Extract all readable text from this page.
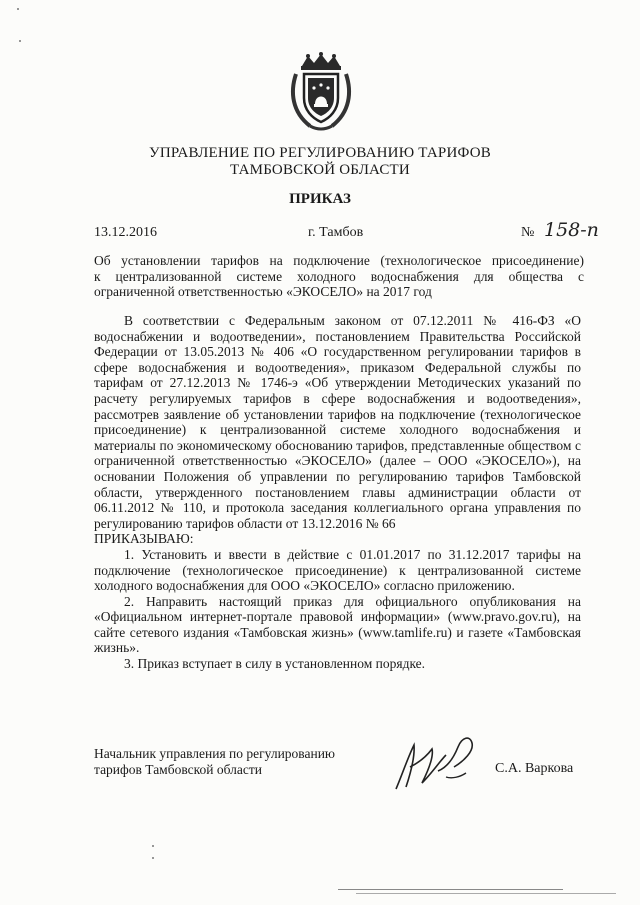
УПРАВЛЕНИЕ ПО РЕГУЛИРОВАНИЮ ТАРИФОВ
ТАМБОВСКОЙ ОБЛАСТИ
ПРИКАЗ
13.12.2016	г. Тамбов	№ 158-п
Об установлении тарифов на подключение (технологическое присоединение)
к централизованной системе холодного водоснабжения для общества с
ограниченной ответственностью «ЭКОСЕЛО» на 2017 год

В соответствии с Федеральным законом от 07.12.2011 № 416-ФЗ «О водоснабжении и водоотведении», постановлением Правительства Российской Федерации от 13.05.2013 № 406 «О государственном регулировании тарифов в сфере водоснабжения и водоотведения», приказом Федеральной службы по тарифам от 27.12.2013 № 1746-э «Об утверждении Методических указаний по расчету регулируемых тарифов в сфере водоснабжения и водоотведения», рассмотрев заявление об установлении тарифов на подключение (технологическое присоединение) к централизованной системе холодного водоснабжения и материалы по экономическому обоснованию тарифов, представленные обществом с ограниченной ответственностью «ЭКОСЕЛО» (далее – ООО «ЭКОСЕЛО»), на основании Положения об управлении по регулированию тарифов Тамбовской области, утвержденного постановлением главы администрации области от 06.11.2012 № 110, и протокола заседания коллегиального органа управления по регулированию тарифов области от 13.12.2016 № 66

ПРИКАЗЫВАЮ:

1. Установить и ввести в действие с 01.01.2017 по 31.12.2017 тарифы на подключение (технологическое присоединение) к централизованной системе холодного водоснабжения для ООО «ЭКОСЕЛО» согласно приложению.

2. Направить настоящий приказ для официального опубликования на «Официальном интернет-портале правовой информации» (www.pravo.gov.ru), на сайте сетевого издания «Тамбовская жизнь» (www.tamlife.ru) и газете «Тамбовская жизнь».

3. Приказ вступает в силу в установленном порядке.

Начальник управления по регулированию
тарифов Тамбовской области	С.А. Варкова
